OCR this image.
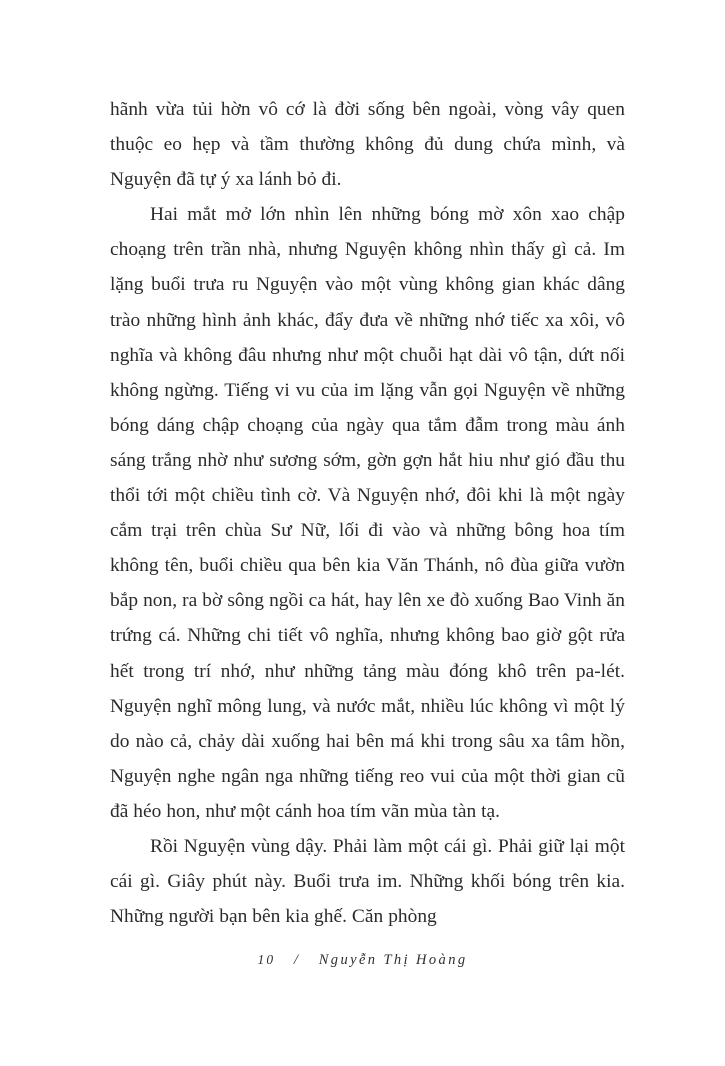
hãnh vừa tủi hờn vô cớ là đời sống bên ngoài, vòng vây quen thuộc eo hẹp và tầm thường không đủ dung chứa mình, và Nguyện đã tự ý xa lánh bỏ đi.

Hai mắt mở lớn nhìn lên những bóng mờ xôn xao chập choạng trên trần nhà, nhưng Nguyện không nhìn thấy gì cả. Im lặng buổi trưa ru Nguyện vào một vùng không gian khác dâng trào những hình ảnh khác, đẩy đưa về những nhớ tiếc xa xôi, vô nghĩa và không đâu nhưng như một chuỗi hạt dài vô tận, dứt nối không ngừng. Tiếng vi vu của im lặng vẫn gọi Nguyện về những bóng dáng chập choạng của ngày qua tắm đẫm trong màu ánh sáng trắng nhờ như sương sớm, gờn gợn hắt hiu như gió đầu thu thổi tới một chiều tình cờ. Và Nguyện nhớ, đôi khi là một ngày cắm trại trên chùa Sư Nữ, lối đi vào và những bông hoa tím không tên, buổi chiều qua bên kia Văn Thánh, nô đùa giữa vườn bắp non, ra bờ sông ngồi ca hát, hay lên xe đò xuống Bao Vinh ăn trứng cá. Những chi tiết vô nghĩa, nhưng không bao giờ gột rửa hết trong trí nhớ, như những tảng màu đóng khô trên pa-lét. Nguyện nghĩ mông lung, và nước mắt, nhiều lúc không vì một lý do nào cả, chảy dài xuống hai bên má khi trong sâu xa tâm hồn, Nguyện nghe ngân nga những tiếng reo vui của một thời gian cũ đã héo hon, như một cánh hoa tím vãn mùa tàn tạ.

Rồi Nguyện vùng dậy. Phải làm một cái gì. Phải giữ lại một cái gì. Giây phút này. Buổi trưa im. Những khối bóng trên kia. Những người bạn bên kia ghế. Căn phòng

10   /   Nguyễn Thị Hoàng
